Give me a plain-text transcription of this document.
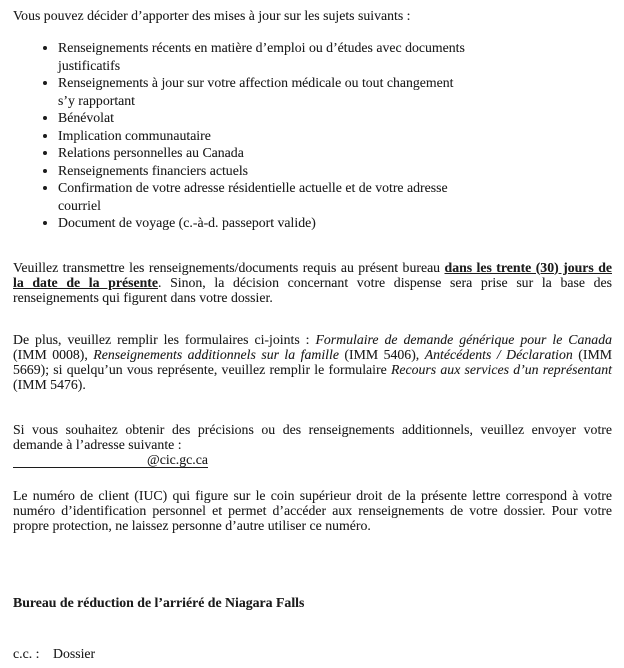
Vous pouvez décider d’apporter des mises à jour sur les sujets suivants :

• Renseignements récents en matière d’emploi ou d’études avec documents
justificatifs
• Renseignements à jour sur votre affection médicale ou tout changement
s’y rapportant
• Bénévolat
• Implication communautaire
• Relations personnelles au Canada
• Renseignements financiers actuels
• Confirmation de votre adresse résidentielle actuelle et de votre adresse
courriel
• Document de voyage (c.-à-d. passeport valide)

Veuillez transmettre les renseignements/documents requis au présent bureau dans les trente (30) jours de la date de la présente. Sinon, la décision concernant votre dispense sera prise sur la base des renseignements qui figurent dans votre dossier.

De plus, veuillez remplir les formulaires ci-joints : Formulaire de demande générique pour le Canada (IMM 0008), Renseignements additionnels sur la famille (IMM 5406), Antécédents / Déclaration (IMM 5669); si quelqu’un vous représente, veuillez remplir le formulaire Recours aux services d’un représentant (IMM 5476).

Si vous souhaitez obtenir des précisions ou des renseignements additionnels, veuillez envoyer votre demande à l’adresse suivante :
@cic.gc.ca

Le numéro de client (IUC) qui figure sur le coin supérieur droit de la présente lettre correspond à votre numéro d’identification personnel et permet d’accéder aux renseignements de votre dossier. Pour votre propre protection, ne laissez personne d’autre utiliser ce numéro.

Bureau de réduction de l’arriéré de Niagara Falls

c.c. : Dossier
